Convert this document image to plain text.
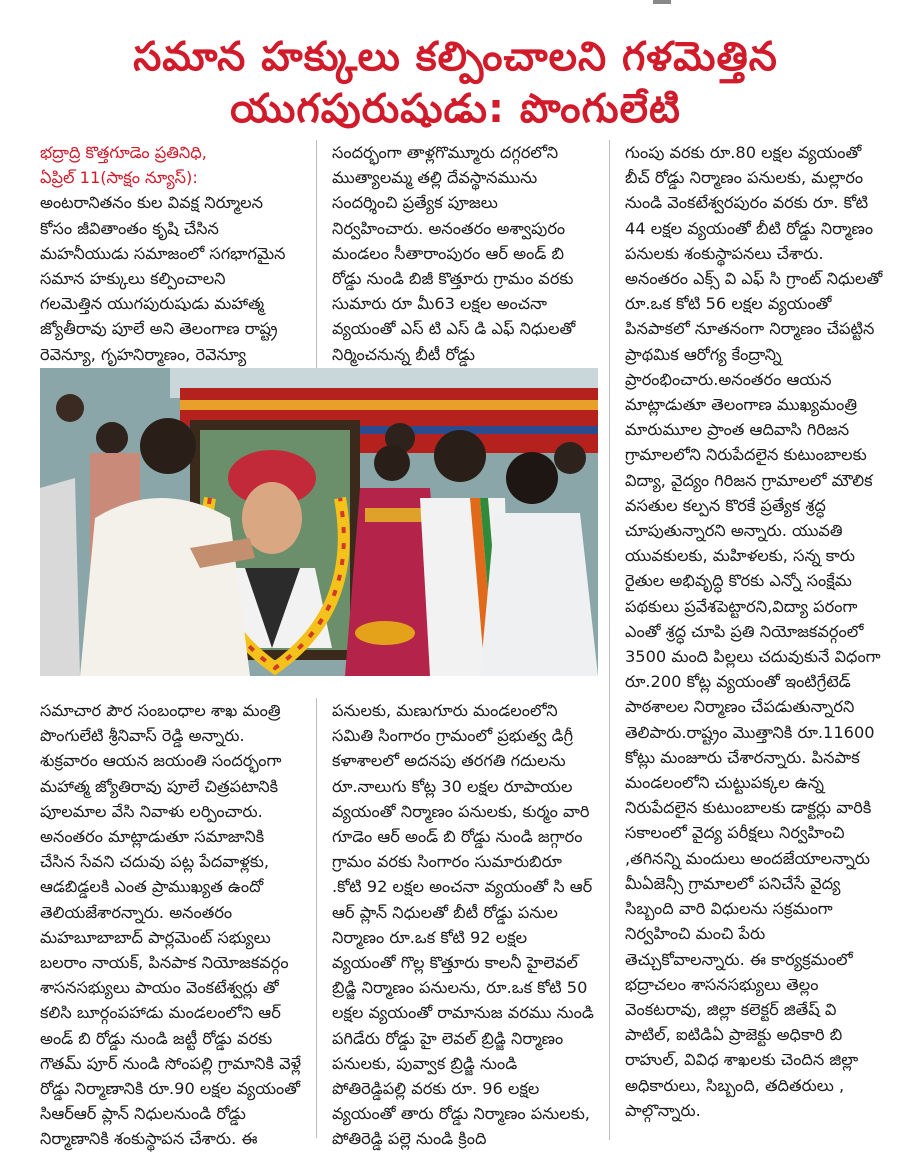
సమాన హక్కులు కల్పించాలని గళమెత్తిన
యుగపురుషుడు: పొంగులేటి

భద్రాద్రి కొత్తగూడెం ప్రతినిధి,

ఏప్రిల్ 11(సాక్షం న్యూస్):

అంటరానితనం కుల వివక్ష నిర్మూలన కోసం జీవితాంతం కృషి చేసిన మహనీయుడు సమాజంలో సగభాగమైన సమాన హక్కులు కల్పించాలని గలమెత్తిన యుగపురుషుడు మహాత్మ జ్యోతీరావు పూలే అని తెలంగాణ రాష్ట్ర రెవెన్యూ, గృహనిర్మాణం, రెవెన్యూ

సందర్భంగా తాళ్లగొమ్మూరు దగ్గరలోని ముత్యాలమ్మ తల్లి దేవస్థానమును సందర్శించి ప్రత్యేక పూజలు నిర్వహించారు. అనంతరం అశ్వాపురం మండలం సీతారాంపురం ఆర్ అండ్ బి రోడ్డు నుండి బిజీ కొత్తూరు గ్రామం వరకు సుమారు రూ మీ63 లక్షల అంచనా వ్యయంతో ఎస్ టి ఎస్ డి ఎఫ్ నిధులతో నిర్మించనున్న బీటీ రోడ్డు

గుంపు వరకు రూ.80 లక్షల వ్యయంతో బీచ్ రోడ్డు నిర్మాణం పనులకు, మల్లారం నుండి వెంకటేశ్వరపురం వరకు రూ. కోటి 44 లక్షల వ్యయంతో బీటి రోడ్డు నిర్మాణం పనులకు శంకుస్థాపనలు చేశారు. అనంతరం ఎక్స్ వి ఎఫ్ సి గ్రాంట్ నిధులతో రూ.ఒక కోటి 56 లక్షల వ్యయంతో పినపాకలో నూతనంగా నిర్మాణం చేపట్టిన ప్రాథమిక ఆరోగ్య కేంద్రాన్ని ప్రారంభించారు.అనంతరం ఆయన మాట్లాడుతూ తెలంగాణ ముఖ్యమంత్రి మారుమూల ప్రాంత ఆదివాసి గిరిజన గ్రామాలలోని నిరుపేదలైన కుటుంబాలకు విద్యా, వైద్యం గిరిజన గ్రామాలలో మౌలిక వసతుల కల్పన కొరకే ప్రత్యేక శ్రద్ధ చూపుతున్నారని అన్నారు. యువతి యువకులకు, మహిళలకు, సన్న కారు రైతుల అభివృద్ధి కొరకు ఎన్నో సంక్షేమ పథకులు ప్రవేశపెట్టారని,విద్యా పరంగా ఎంతో శ్రద్ధ చూపి ప్రతి నియోజకవర్గంలో 3500 మంది పిల్లలు చదువుకునే విధంగా రూ.200 కోట్ల వ్యయంతో ఇంటిగ్రేటెడ్ పాఠశాలల నిర్మాణం చేపడుతున్నారని తెలిపారు.రాష్ట్రం మొత్తానికి రూ.11600 కోట్లు మంజూరు చేశారన్నారు. పినపాక మండలంలోని చుట్టుపక్కల ఉన్న నిరుపేదలైన కుటుంబాలకు డాక్టర్లు వారికి సకాలంలో వైద్య పరీక్షలు నిర్వహించి ,తగినన్ని మందులు అందజేయాలన్నారు మీఏజెన్సీ గ్రామాలలో పనిచేసే వైద్య సిబ్బంది వారి విధులను సక్రమంగా నిర్వహించి మంచి పేరు తెచ్చుకోవాలన్నారు. ఈ కార్యక్రమంలో భద్రాచలం శాసనసభ్యులు తెల్లం వెంకటరావు, జిల్లా కలెక్టర్ జితేష్ వి పాటిల్, ఐటిడిఏ ప్రాజెక్టు అధికారి బి రాహుల్, వివిధ శాఖలకు చెందిన జిల్లా అధికారులు, సిబ్బంది, తదితరులు , పాల్గొన్నారు.

సమాచార పౌర సంబంధాల శాఖ మంత్రి పొంగులేటి శ్రీనివాస్ రెడ్డి అన్నారు. శుక్రవారం ఆయన జయంతి సందర్భంగా మహాత్మ జ్యోతిరావు పూలే చిత్రపటానికి పూలమాల వేసి నివాళు లర్పించారు. అనంతరం మాట్లాడుతూ సమాజానికి చేసిన సేవని చదువు పట్ల పేదవాళ్లకు, ఆడబిడ్డలకి ఎంత ప్రాముఖ్యత ఉందో తెలియజేశారన్నారు. అనంతరం మహబూబాబాద్ పార్లమెంట్ సభ్యులు బలరాం నాయక్, పినపాక నియోజకవర్గం శాసనసభ్యులు పాయం వెంకటేశ్వర్లు తో కలిసి బూర్గంపహాడు మండలంలోని ఆర్ అండ్ బి రోడ్డు నుండి జట్టీ రోడ్డు వరకు గౌతమ్ పూర్ నుండి సోంపల్లి గ్రామానికి వెళ్లే రోడ్డు నిర్మాణానికి రూ.90 లక్షల వ్యయంతో సిఆర్ఆర్ ప్లాన్ నిధులనుండి రోడ్డు నిర్మాణానికి శంకుస్థాపన చేశారు. ఈ

పనులకు, మణుగూరు మండలంలోని సమితి సింగారం గ్రామంలో ప్రభుత్వ డిగ్రీ కళాశాలలో అదనపు తరగతి గదులను రూ.నాలుగు కోట్ల 30 లక్షల రూపాయల వ్యయంతో నిర్మాణం పనులకు, కుర్మం వారి గూడెం ఆర్ అండ్ బి రోడ్డు నుండి జగ్గారం గ్రామం వరకు సింగారం సుమారుబిరూ .కోటి 92 లక్షల అంచనా వ్యయంతో సి ఆర్ ఆర్ ప్లాన్ నిధులతో బీటీ రోడ్డు పనుల నిర్మాణం రూ.ఒక కోటి 92 లక్షల వ్యయంతో గొల్ల కొత్తూరు కాలనీ హైలెవల్ బ్రిడ్జి నిర్మాణం పనులను, రూ.ఒక కోటి 50 లక్షల వ్యయంతో రామానుజ వరము నుండి పగిడేరు రోడ్డు హై లెవల్ బ్రిడ్జి నిర్మాణం పనులకు, పువ్వాక బ్రిడ్జి నుండి పోతిరెడ్డిపల్లి వరకు రూ. 96 లక్షల వ్యయంతో తారు రోడ్డు నిర్మాణం పనులకు, పోతిరెడ్డి పల్లె నుండి క్రింది
